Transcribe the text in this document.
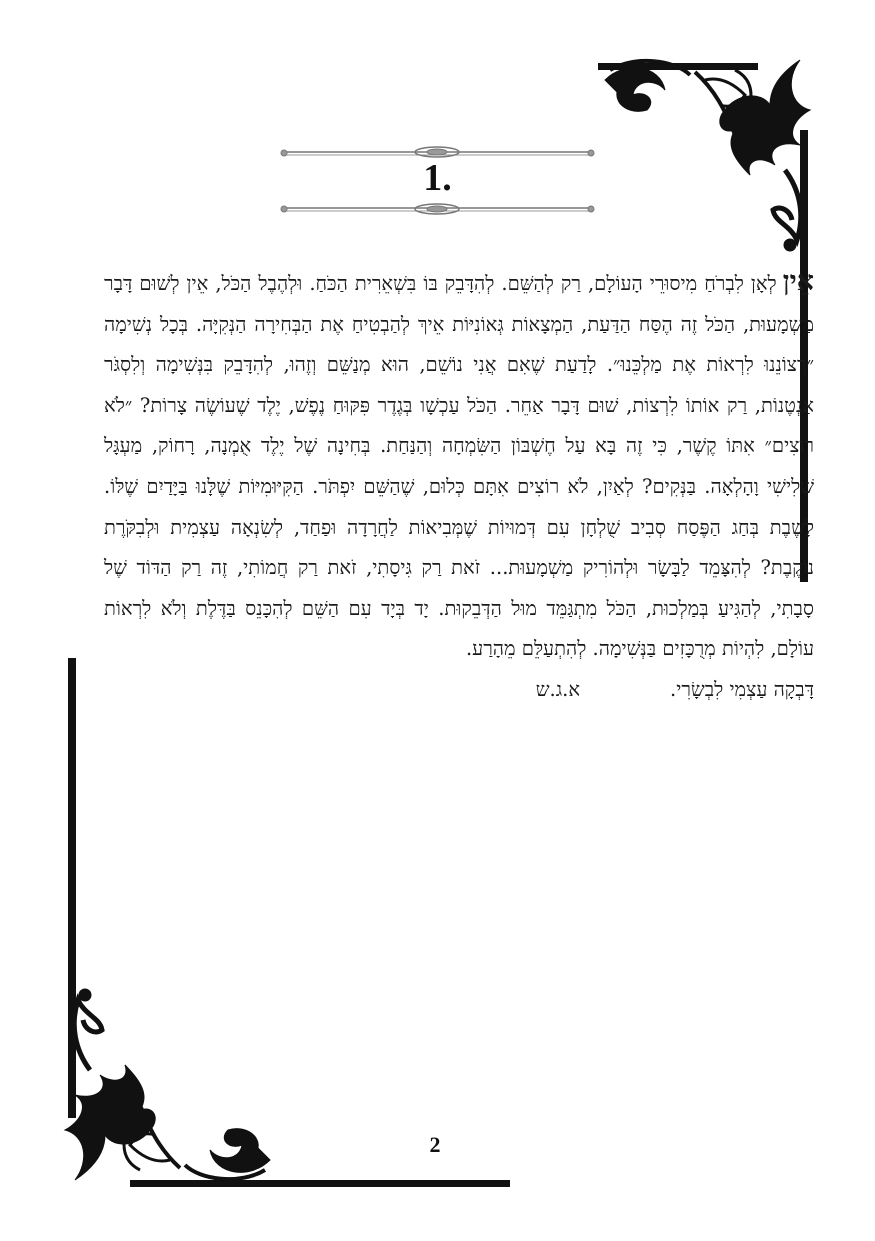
1.

אֵיןלְאָן לִבְרֹחַ מִיסוּרֵי הָעוֹלָם, רַק לְהַשֵּׁם. לְהִדָּבֵק בּוֹ בִּשְׁאֵרִית הַכֹּחַ. וּלְהֶבֶל הַכֹּל, אֵין לְשׁוּם דָּבָר מַשְׁמָעוּת, הַכֹּל זֶה הֶסַּח הַדַּעַת, הַמְצָאוֹת גְּאוֹנִיּוֹת אֵיךְ לְהַבְטִיחַ אֶת הַבְּחִירָה הַנְּקִיָּה. בְּכָל נְשִׁימָה ״רְצוֹנֵנוּ לִרְאוֹת אֶת מַלְכֵּנוּ״. לָדַעַת שֶׁאִם אֲנִי נוֹשֵׁם, הוּא מְנַשֵּׁם וְזֶהוּ, לְהִדָּבֵק בִּנְּשִׁימָה וְלִסְגֹּר אַנְטֶנוֹת, רַק אוֹתוֹ לִרְצוֹת, שׁוּם דָּבָר אַחֵר. הַכֹּל עַכְשָׁו בְּגֶדֶר פִּקּוּחַ נֶפֶשׁ, יֶלֶד שֶׁעוֹשֶׂה צָרוֹת? ״לֹא רוֹצִים״ אִתּוֹ קֶשֶׁר, כִּי זֶה בָּא עַל חֶשְׁבּוֹן הַשִּׂמְחָה וְהַנַּחַת. בְּחִינָה שֶׁל יֶלֶד אֻמְנָה, רָחוֹק, מַעְגָּל שְׁלִישִׁי וָהָלְאָה. בַּנְּקִים? לְאַיִן, לֹא רוֹצִים אִתָּם כְּלוּם, שֶׁהַשֵּׁם יִפְתֹּר. הַקִּיּוּמִיּוֹת שֶׁלָּנוּ בַּיָּדַיִם שֶׁלּוֹ. לָשֶׁבֶת בְּחַג הַפֶּסַח סְבִיב שֻׁלְחָן עִם דְּמוּיוֹת שֶׁמְּבִיאוֹת לַחֲרָדָה וּפַחַד, לְשִׂנְאָה עַצְמִית וּלְבִקֹּרֶת נוֹקֶבֶת? לְהִצָּמֵד לַבָּשָׂר וּלְהוֹרִיק מַשְׁמָעוּת... זֹאת רַק גִּיסָתִי, זֹאת רַק חֲמוֹתִי, זֶה רַק הַדּוֹד שֶׁל סָבָתִי, לְהַגִּיעַ בְּמַלְכוּת, הַכֹּל מִתְגַּמֵּד מוּל הַדְּבֵקוּת. יָד בְּיָד עִם הַשֵּׁם לְהִכָּנֵס בַּדֶּלֶת וְלֹא לִרְאוֹת עוֹלָם, לִהְיוֹת מְרֻכָּזִים בַּנְּשִׁימָה. לְהִתְעַלֵּם מֵהָרַע.

דָּבְקָה עַצְמִי לִבְשָׂרִי.
א.ג.ש
2
